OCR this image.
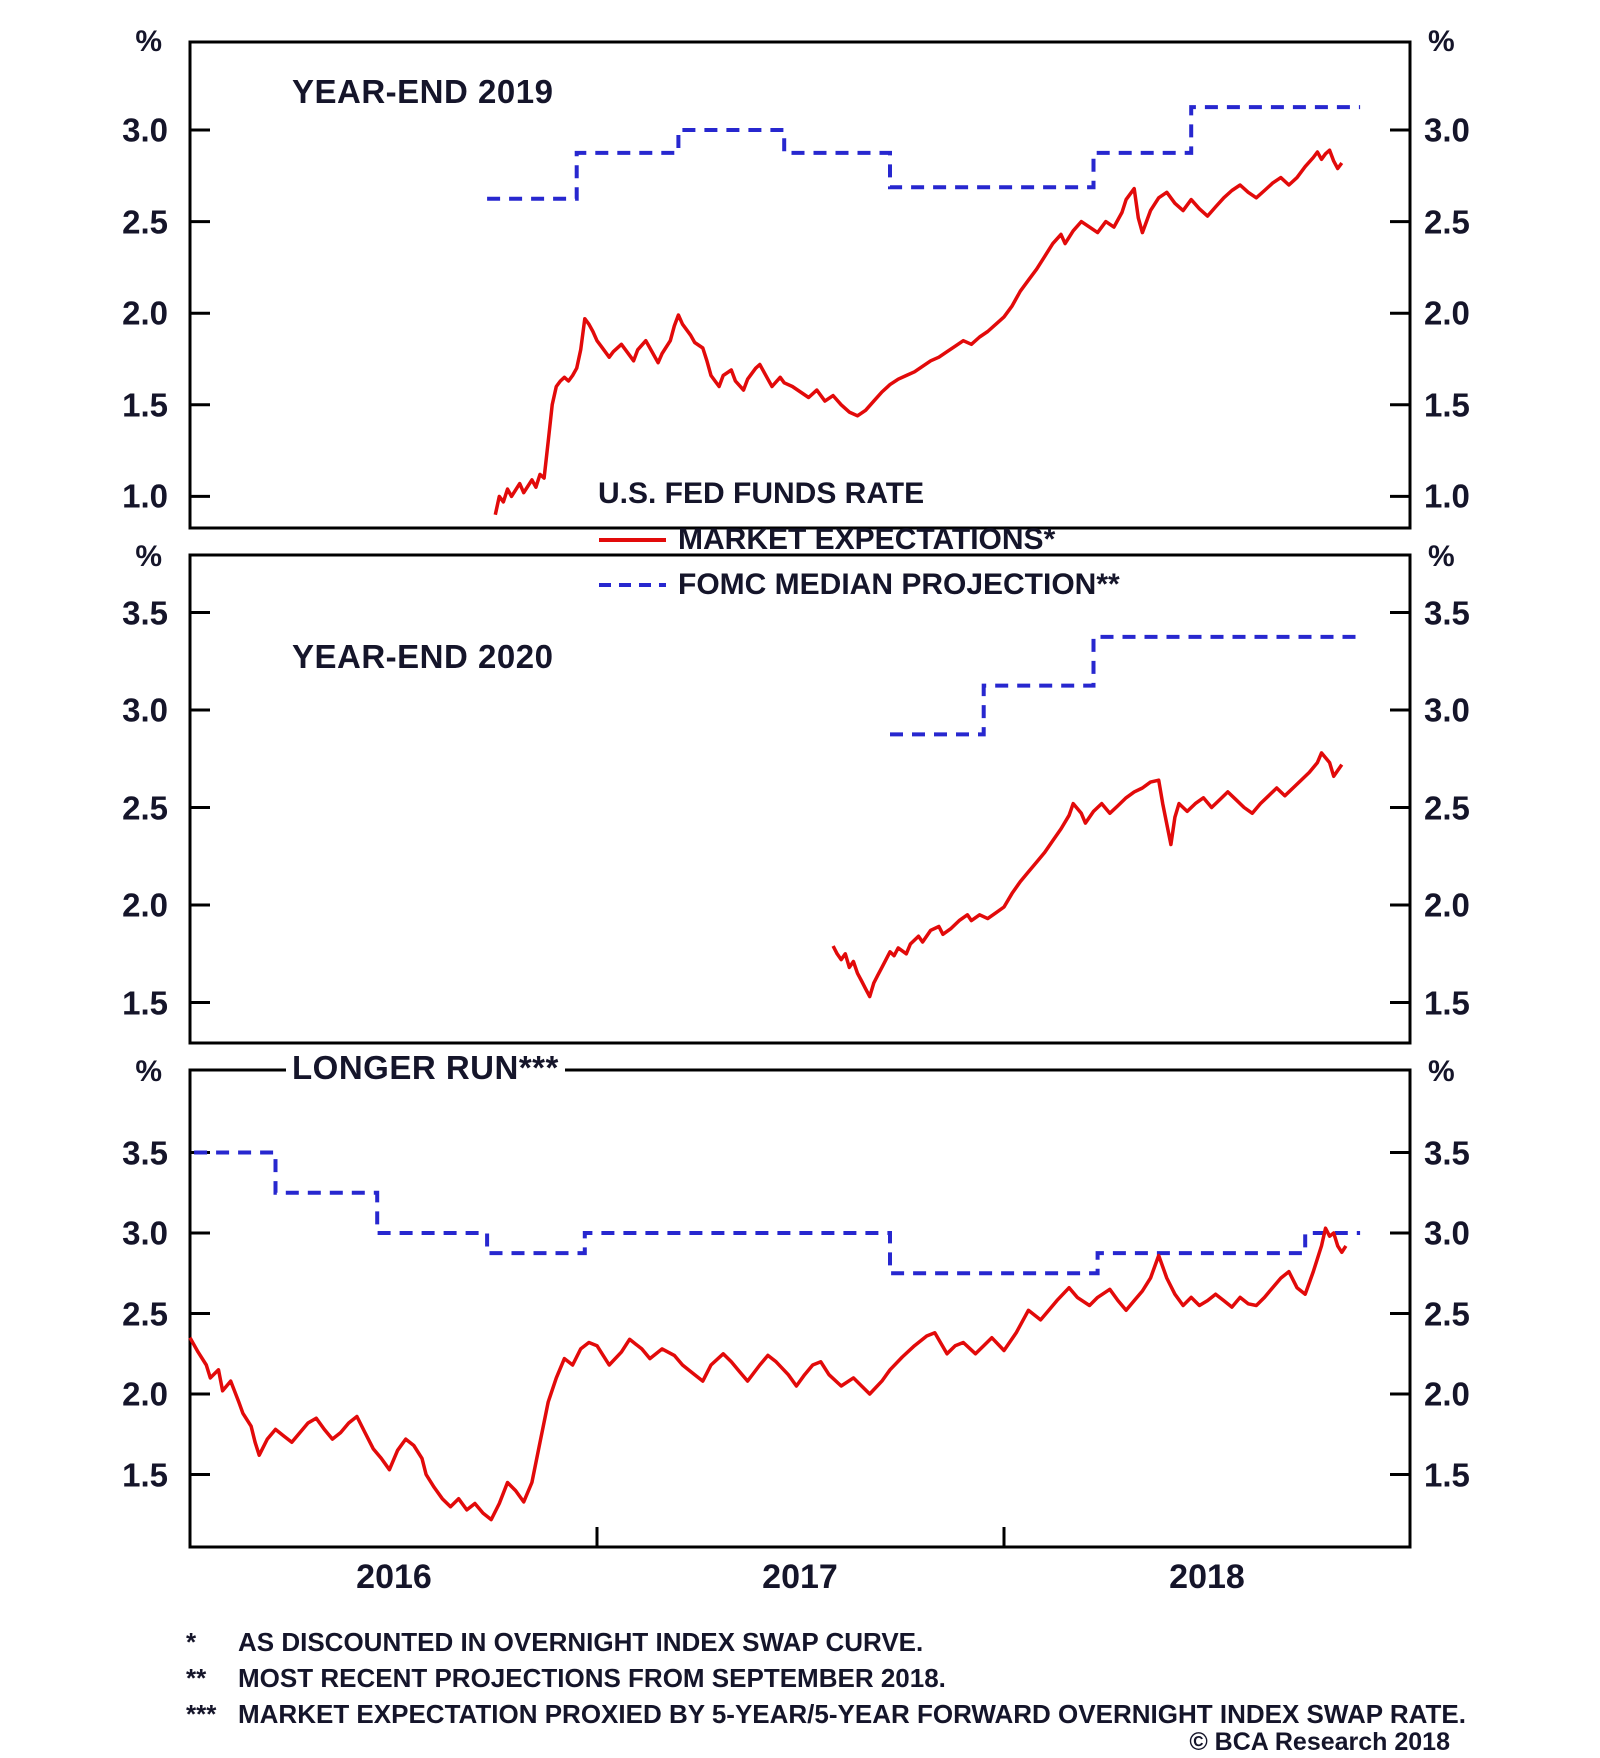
YEAR-END 2019
YEAR-END 2020
LONGER RUN***
%	%
%	%
%	%
3.0	3.0
2.5	2.5
2.0	2.0
1.5	1.5
1.0	1.0
3.5	3.5
3.0	3.0
2.5	2.5
2.0	2.0
1.5	1.5
3.5	3.5
3.0	3.0
2.5	2.5
2.0	2.0
1.5	1.5
2016	2017	2018
U.S. FED FUNDS RATE
MARKET EXPECTATIONS*
FOMC MEDIAN PROJECTION**
* AS DISCOUNTED IN OVERNIGHT INDEX SWAP CURVE.
** MOST RECENT PROJECTIONS FROM SEPTEMBER 2018.
*** MARKET EXPECTATION PROXIED BY 5-YEAR/5-YEAR FORWARD OVERNIGHT INDEX SWAP RATE.
© BCA Research 2018
